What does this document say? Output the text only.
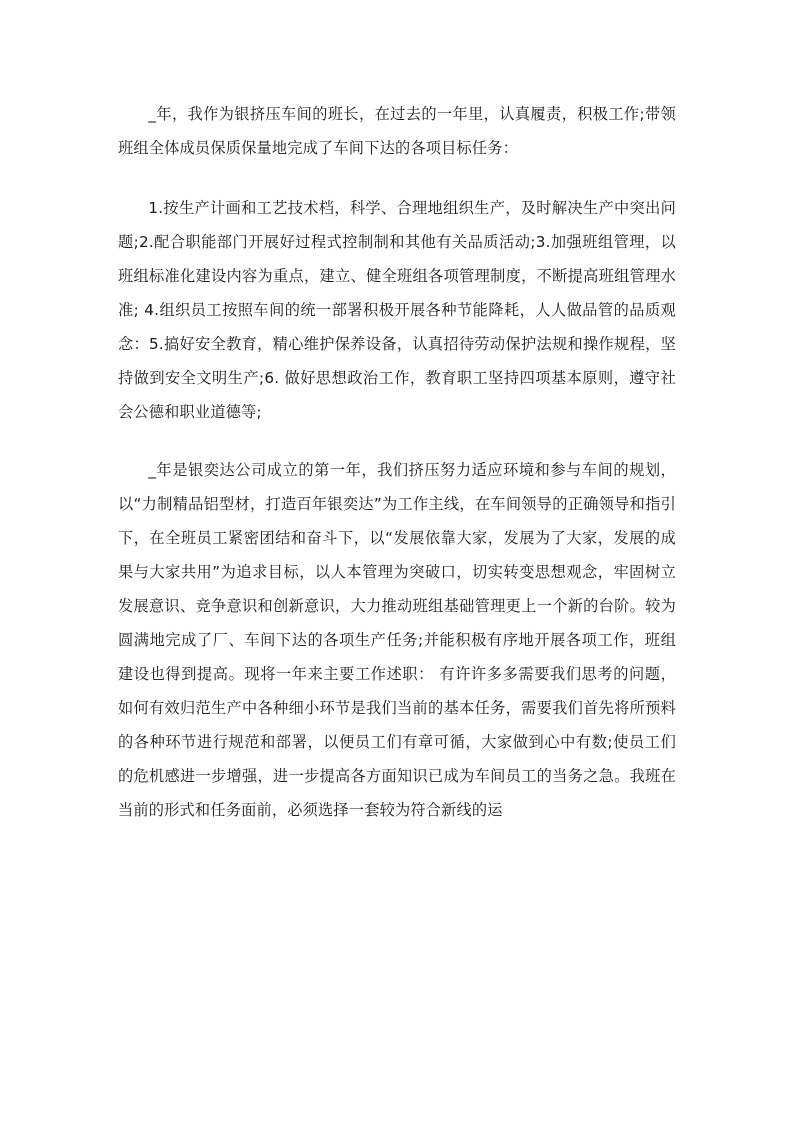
_年，我作为银挤压车间的班长，在过去的一年里，认真履责，积极工作;带领班组全体成员保质保量地完成了车间下达的各项目标任务：

1.按生产计画和工艺技术档，科学、合理地组织生产，及时解决生产中突出问题;2.配合职能部门开展好过程式控制制和其他有关品质活动;3.加强班组管理，以班组标准化建设内容为重点，建立、健全班组各项管理制度，不断提高班组管理水准; 4.组织员工按照车间的统一部署积极开展各种节能降耗，人人做品管的品质观念：5.搞好安全教育，精心维护保养设备，认真招待劳动保护法规和操作规程，坚持做到安全文明生产;6. 做好思想政治工作，教育职工坚持四项基本原则，遵守社会公德和职业道德等;

_年是银奕达公司成立的第一年，我们挤压努力适应环境和参与车间的规划，以“力制精品铝型材，打造百年银奕达”为工作主线，在车间领导的正确领导和指引下，在全班员工紧密团结和奋斗下，以“发展依靠大家，发展为了大家，发展的成果与大家共用”为追求目标，以人本管理为突破口，切实转变思想观念，牢固树立发展意识、竞争意识和创新意识，大力推动班组基础管理更上一个新的台阶。较为圆满地完成了厂、车间下达的各项生产任务;并能积极有序地开展各项工作，班组建设也得到提高。现将一年来主要工作述职： 有许许多多需要我们思考的问题，如何有效归范生产中各种细小环节是我们当前的基本任务，需要我们首先将所预料的各种环节进行规范和部署，以便员工们有章可循，大家做到心中有数;使员工们的危机感进一步增强，进一步提高各方面知识已成为车间员工的当务之急。我班在当前的形式和任务面前，必须选择一套较为符合新线的运
